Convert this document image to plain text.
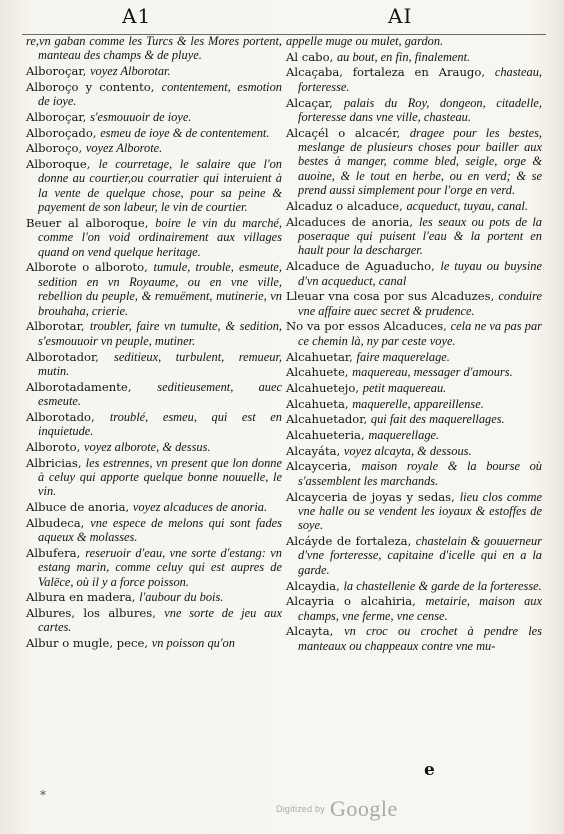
A1	AI
re,vn gaban comme les Turcs & les Mores portent, manteau des champs & de pluye.
Alboroçar, voyez Alborotar.
Alboroço y contento, contentement, esmotion de ioye.
Alboroçar, s'esmouuoir de ioye.
Alboroçado, esmeu de ioye & de contentement.
Alboroço, voyez Alborote.
Alboroque, le courretage, le salaire que l'on donne au courtier,ou courratier qui interuient à la vente de quelque chose, pour sa peine & payement de son labeur, le vin de courtier.
Beuer al alboroque, boire le vin du marché, comme l'on void ordinairement aux villages quand on vend quelque heritage.
Alborote o alboroto, tumule, trouble, esmeute, sedition en vn Royaume, ou en vne ville, rebellion du peuple, & remuëment, mutinerie, vn brouhaha, crierie.
Alborotar, troubler, faire vn tumulte, & sedition, s'esmouuoir vn peuple, mutiner.
Alborotador, seditieux, turbulent, remueur, mutin.
Alborotadamente, seditieusement, auec esmeute.
Alborotado, troublé, esmeu, qui est en inquietude.
Alboroto, voyez alborote, & dessus.
Albricias, les estrennes, vn present que lon donne à celuy qui apporte quelque bonne nouuelle, le vin.
Albuce de anoria, voyez alcaduces de anoria.
Albudeca, vne espece de melons qui sont fades aqueux & molasses.
Albufera, reseruoir d'eau, vne sorte d'estang: vn estang marin, comme celuy qui est aupres de Valēce, où il y a force poisson.
Albura en madera, l'aubour du bois.
Albures, los albures, vne sorte de jeu aux cartes.
Albur o mugle, pece, vn poisson qu'on
appelle muge ou mulet, gardon.
Al cabo, au bout, en fin, finalement.
Alcaçaba, fortaleza en Araugo, chasteau, forteresse.
Alcaçar, palais du Roy, dongeon, citadelle, forteresse dans vne ville, chasteau.
Alcaçél o alcacér, dragee pour les bestes, meslange de plusieurs choses pour bailler aux bestes à manger, comme bled, seigle, orge & auoine, & le tout en herbe, ou en verd; & se prend aussi simplement pour l'orge en verd.
Alcaduz o alcaduce, acqueduct, tuyau, canal.
Alcaduces de anoria, les seaux ou pots de la poseraque qui puisent l'eau & la portent en hault pour la descharger.
Alcaduce de Aguaducho, le tuyau ou buysine d'vn acqueduct, canal
Lleuar vna cosa por sus Alcaduzes, conduire vne affaire auec secret & prudence.
No va por essos Alcaduces, cela ne va pas par ce chemin là, ny par ceste voye.
Alcahuetar, faire maquerelage.
Alcahuete, maquereau, messager d'amours.
Alcahuetejo, petit maquereau.
Alcahueta, maquerelle, appareillense.
Alcahuetador, qui fait des maquerellages.
Alcahueteria, maquerellage.
Alcayáta, voyez alcayta, & dessous.
Alcayceria, maison royale & la bourse où s'assemblent les marchands.
Alcayceria de joyas y sedas, lieu clos comme vne halle ou se vendent les ioyaux & estoffes de soye.
Alcáyde de fortaleza, chastelain & gouuerneur d'vne forteresse, capitaine d'icelle qui en a la garde.
Alcaydia, la chastellenie & garde de la forteresse.
Alcayria o alcahiria, metairie, maison aux champs, vne ferme, vne cense.
Alcayta, vn croc ou crochet à pendre les manteaux ou chappeaux contre vne mu-
*
e
Digitized by Google
